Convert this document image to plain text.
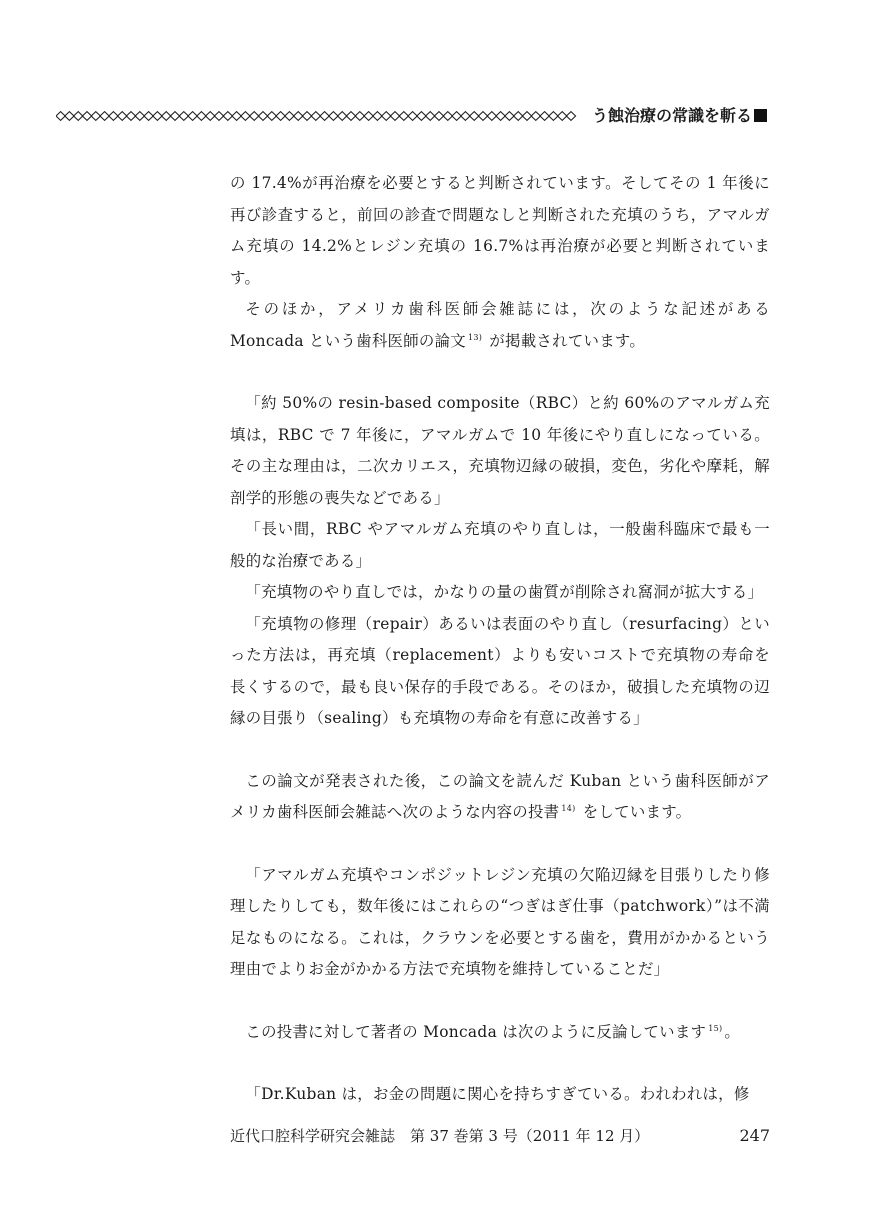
う蝕治療の常識を斬る

の 17.4%が再治療を必要とすると判断されています。そしてその 1 年後に再び診査すると，前回の診査で問題なしと判断された充填のうち，アマルガム充填の 14.2%とレジン充填の 16.7%は再治療が必要と判断されています。

そのほか，アメリカ歯科医師会雑誌には，次のような記述がある Moncada という歯科医師の論文 $^{13)}$ が掲載されています。

「約 50%の resin-based composite（RBC）と約 60%のアマルガム充填は，RBC で 7 年後に，アマルガムで 10 年後にやり直しになっている。その主な理由は，二次カリエス，充填物辺縁の破損，変色，劣化や摩耗，解剖学的形態の喪失などである」

「長い間，RBC やアマルガム充填のやり直しは，一般歯科臨床で最も一般的な治療である」

「充填物のやり直しでは，かなりの量の歯質が削除され窩洞が拡大する」

「充填物の修理（repair）あるいは表面のやり直し（resurfacing）といった方法は，再充填（replacement）よりも安いコストで充填物の寿命を長くするので，最も良い保存的手段である。そのほか，破損した充填物の辺縁の目張り（sealing）も充填物の寿命を有意に改善する」

この論文が発表された後，この論文を読んだ Kuban という歯科医師がアメリカ歯科医師会雑誌へ次のような内容の投書 $^{14)}$ をしています。

「アマルガム充填やコンポジットレジン充填の欠陥辺縁を目張りしたり修理したりしても，数年後にはこれらの“つぎはぎ仕事（patchwork）”は不満足なものになる。これは，クラウンを必要とする歯を，費用がかかるという理由でよりお金がかかる方法で充填物を維持していることだ」

この投書に対して著者の Moncada は次のように反論しています $^{15)}$ 。

「Dr.Kuban は，お金の問題に関心を持ちすぎている。われわれは，修

近代口腔科学研究会雑誌　第 37 巻第 3 号（2011 年 12 月）	247
